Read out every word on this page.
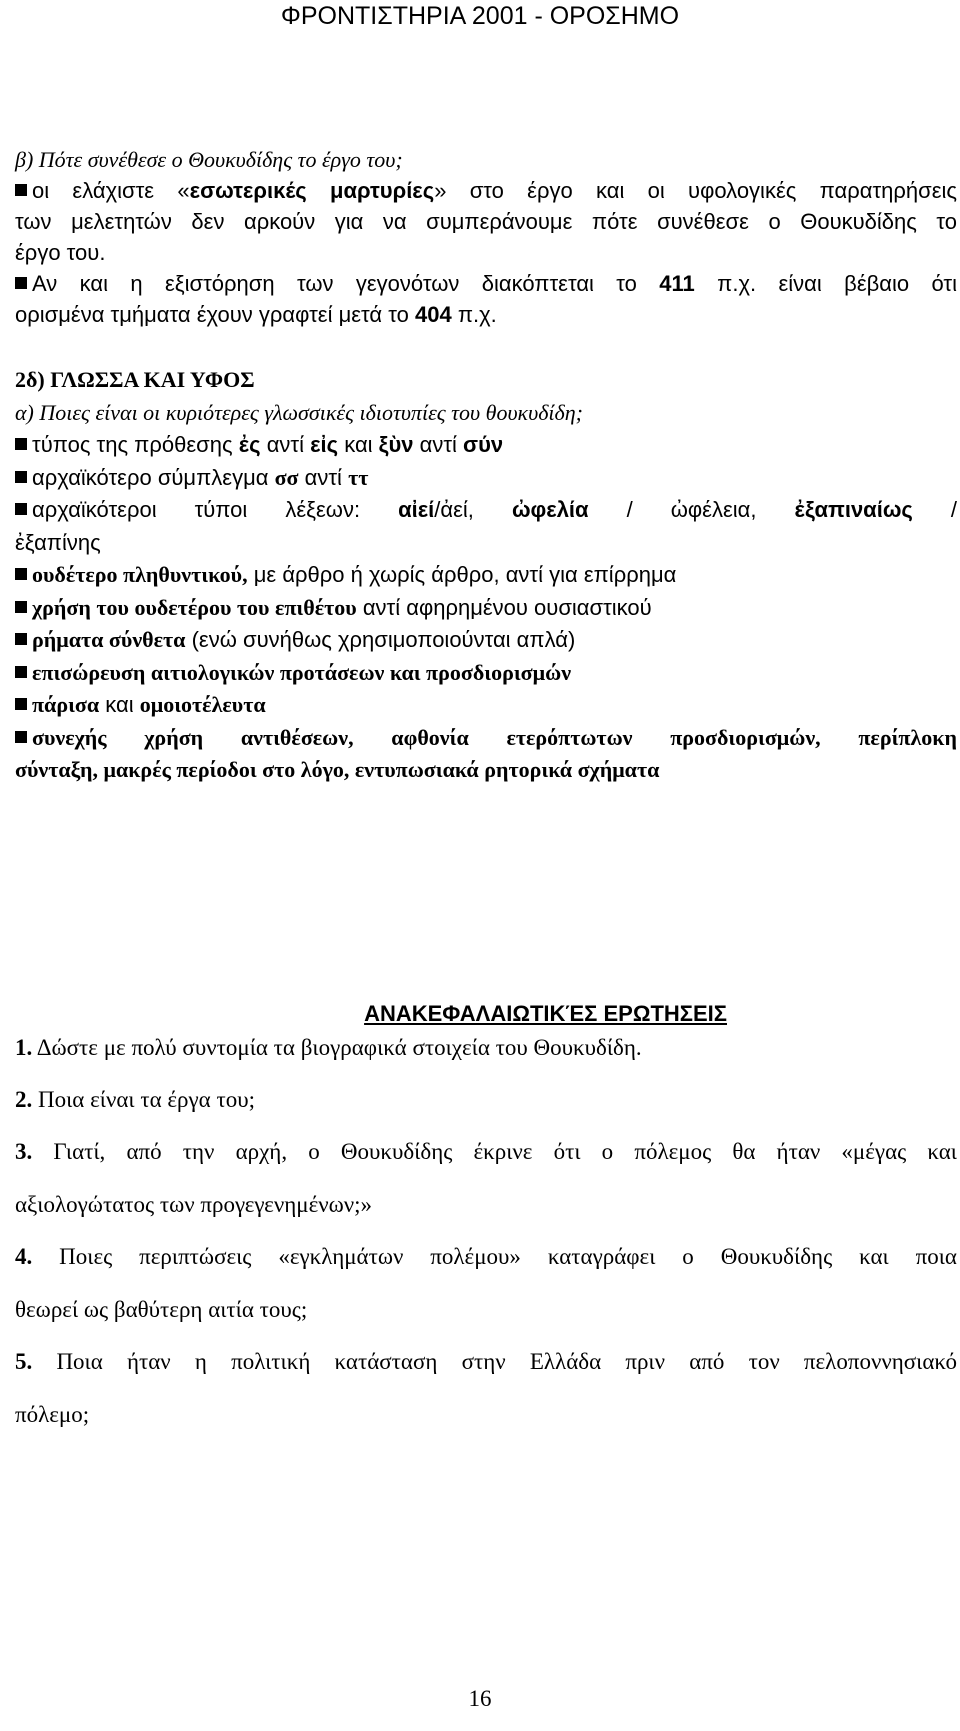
ΦΡΟΝΤΙΣΤΗΡΙΑ 2001 - ΟΡΟΣΗΜΟ
β) Πότε συνέθεσε ο Θουκυδίδης το έργο του;
οι ελάχιστε «εσωτερικές μαρτυρίες» στο έργο και οι υφολογικές παρατηρήσεις
των μελετητών δεν αρκούν για να συμπεράνουμε πότε συνέθεσε ο Θουκυδίδης το
έργο του.
Αν και η εξιστόρηση των γεγονότων διακόπτεται το 411 π.χ. είναι βέβαιο ότι
ορισμένα τμήματα έχουν γραφτεί μετά το 404 π.χ.
2δ) ΓΛΩΣΣΑ ΚΑΙ ΥΦΟΣ
α) Ποιες είναι οι κυριότερες γλωσσικές ιδιοτυπίες του θουκυδίδη;
τύπος της πρόθεσης ἐς αντί εἰς και ξὺν αντί σύν
αρχαϊκότερο σύμπλεγμα σσ αντί ττ
αρχαϊκότεροι τύποι λέξεων: αἰεί/ἀεί, ὠφελία / ὠφέλεια, ἐξαπιναίως /
ἐξαπίνης
ουδέτερο πληθυντικού, με άρθρο ή χωρίς άρθρο, αντί για επίρρημα
χρήση του ουδετέρου του επιθέτου αντί αφηρημένου ουσιαστικού
ρήματα σύνθετα (ενώ συνήθως χρησιμοποιούνται απλά)
επισώρευση αιτιολογικών προτάσεων και προσδιορισμών
πάρισα και ομοιοτέλευτα
συνεχής χρήση αντιθέσεων, αφθονία ετερόπτωτων προσδιορισμών, περίπλοκη
σύνταξη, μακρές περίοδοι στο λόγο, εντυπωσιακά ρητορικά σχήματα
ΑΝΑΚΕΦΑΛΑΙΩΤΙΚΈΣ ΕΡΩΤΗΣΕΙΣ
1. Δώστε με πολύ συντομία τα βιογραφικά στοιχεία του Θουκυδίδη.
2. Ποια είναι τα έργα του;
3. Γιατί, από την αρχή, ο Θουκυδίδης έκρινε ότι ο πόλεμος θα ήταν «μέγας και
αξιολογώτατος των προγεγενημένων;»
4. Ποιες περιπτώσεις «εγκλημάτων πολέμου» καταγράφει ο Θουκυδίδης και ποια
θεωρεί ως βαθύτερη αιτία τους;
5. Ποια ήταν η πολιτική κατάσταση στην Ελλάδα πριν από τον πελοποννησιακό
πόλεμο;
16
